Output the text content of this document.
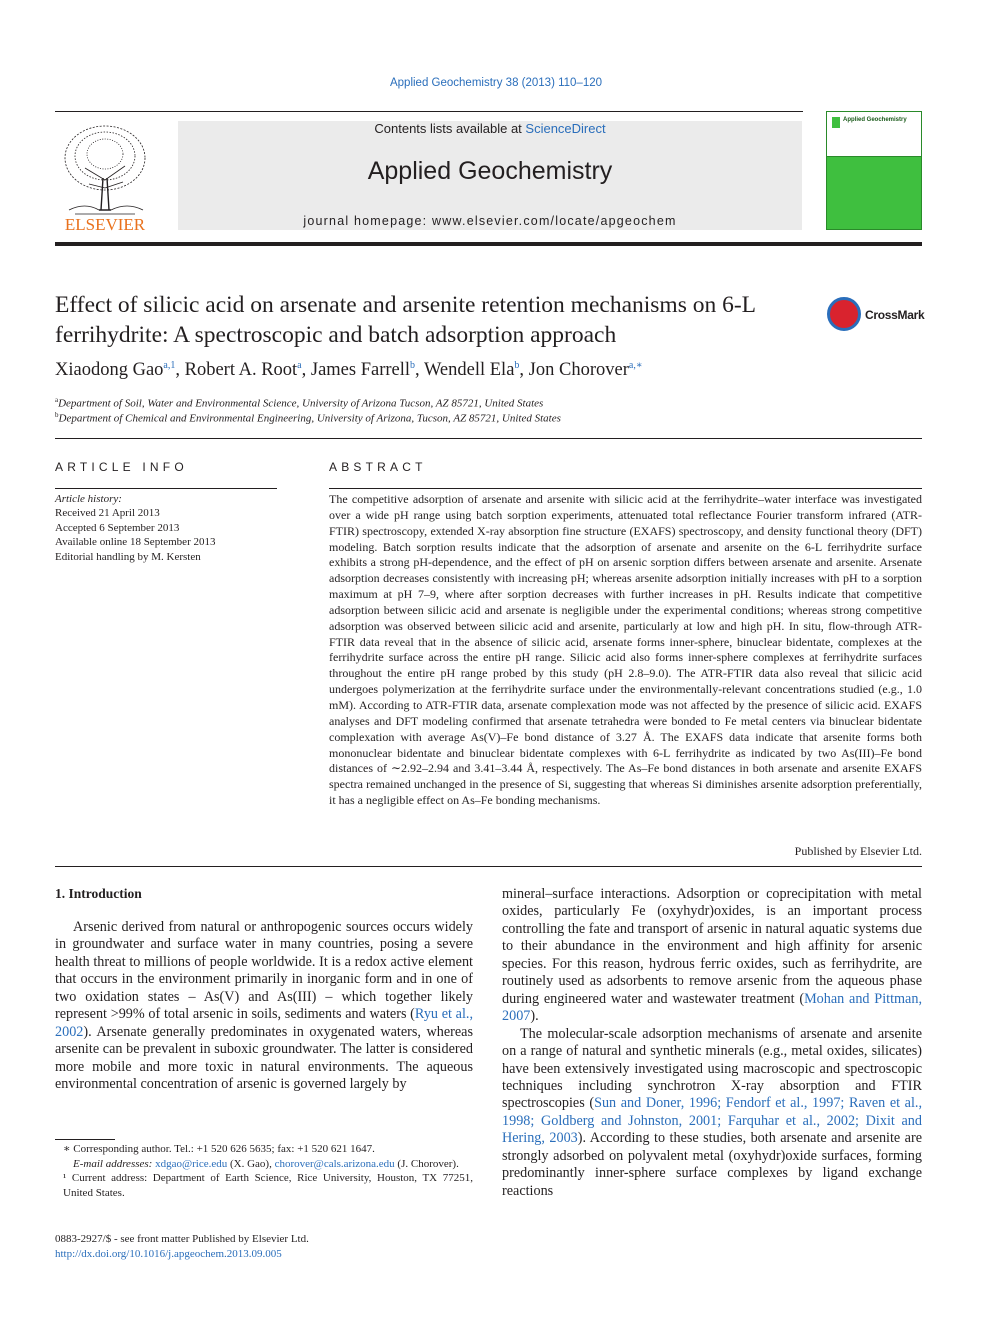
Applied Geochemistry 38 (2013) 110–120
ELSEVIER
Contents lists available at ScienceDirect
Applied Geochemistry
journal homepage: www.elsevier.com/locate/apgeochem
Applied Geochemistry
Effect of silicic acid on arsenate and arsenite retention mechanisms on 6-L ferrihydrite: A spectroscopic and batch adsorption approach
CrossMark
Xiaodong Gao$^{a,1}$, Robert A. Root$^a$, James Farrell$^b$, Wendell Ela$^b$, Jon Chorover$^{a,∗}$
$^a$Department of Soil, Water and Environmental Science, University of Arizona Tucson, AZ 85721, United States
$^b$Department of Chemical and Environmental Engineering, University of Arizona, Tucson, AZ 85721, United States
ARTICLE INFO
Article history:
Received 21 April 2013
Accepted 6 September 2013
Available online 18 September 2013
Editorial handling by M. Kersten
ABSTRACT
The competitive adsorption of arsenate and arsenite with silicic acid at the ferrihydrite–water interface was investigated over a wide pH range using batch sorption experiments, attenuated total reflectance Fourier transform infrared (ATR-FTIR) spectroscopy, extended X-ray absorption fine structure (EXAFS) spectroscopy, and density functional theory (DFT) modeling. Batch sorption results indicate that the adsorption of arsenate and arsenite on the 6-L ferrihydrite surface exhibits a strong pH-dependence, and the effect of pH on arsenic sorption differs between arsenate and arsenite. Arsenate adsorption decreases consistently with increasing pH; whereas arsenite adsorption initially increases with pH to a sorption maximum at pH 7–9, where after sorption decreases with further increases in pH. Results indicate that competitive adsorption between silicic acid and arsenate is negligible under the experimental conditions; whereas strong competitive adsorption was observed between silicic acid and arsenite, particularly at low and high pH. In situ, flow-through ATR-FTIR data reveal that in the absence of silicic acid, arsenate forms inner-sphere, binuclear bidentate, complexes at the ferrihydrite surface across the entire pH range. Silicic acid also forms inner-sphere complexes at ferrihydrite surfaces throughout the entire pH range probed by this study (pH 2.8–9.0). The ATR-FTIR data also reveal that silicic acid undergoes polymerization at the ferrihydrite surface under the environmentally-relevant concentrations studied (e.g., 1.0 mM). According to ATR-FTIR data, arsenate complexation mode was not affected by the presence of silicic acid. EXAFS analyses and DFT modeling confirmed that arsenate tetrahedra were bonded to Fe metal centers via binuclear bidentate complexation with average As(V)–Fe bond distance of 3.27 Å. The EXAFS data indicate that arsenite forms both mononuclear bidentate and binuclear bidentate complexes with 6-L ferrihydrite as indicated by two As(III)–Fe bond distances of ∼2.92–2.94 and 3.41–3.44 Å, respectively. The As–Fe bond distances in both arsenate and arsenite EXAFS spectra remained unchanged in the presence of Si, suggesting that whereas Si diminishes arsenite adsorption preferentially, it has a negligible effect on As–Fe bonding mechanisms.
Published by Elsevier Ltd.
1. Introduction

Arsenic derived from natural or anthropogenic sources occurs widely in groundwater and surface water in many countries, posing a severe health threat to millions of people worldwide. It is a redox active element that occurs in the environment primarily in inorganic form and in one of two oxidation states – As(V) and As(III) – which together likely represent >99% of total arsenic in soils, sediments and waters (Ryu et al., 2002). Arsenate generally predominates in oxygenated waters, whereas arsenite can be prevalent in suboxic groundwater. The latter is considered more mobile and more toxic in natural environments. The aqueous environmental concentration of arsenic is governed largely by

mineral–surface interactions. Adsorption or coprecipitation with metal oxides, particularly Fe (oxyhydr)oxides, is an important process controlling the fate and transport of arsenic in natural aquatic systems due to their abundance in the environment and high affinity for arsenic species. For this reason, hydrous ferric oxides, such as ferrihydrite, are routinely used as adsorbents to remove arsenic from the aqueous phase during engineered water and wastewater treatment (Mohan and Pittman, 2007).

The molecular-scale adsorption mechanisms of arsenate and arsenite on a range of natural and synthetic minerals (e.g., metal oxides, silicates) have been extensively investigated using macroscopic and spectroscopic techniques including synchrotron X-ray absorption and FTIR spectroscopies (Sun and Doner, 1996; Fendorf et al., 1997; Raven et al., 1998; Goldberg and Johnston, 2001; Farquhar et al., 2002; Dixit and Hering, 2003). According to these studies, both arsenate and arsenite are strongly adsorbed on polyvalent metal (oxyhydr)oxide surfaces, forming predominantly inner-sphere surface complexes by ligand exchange reactions

∗ Corresponding author. Tel.: +1 520 626 5635; fax: +1 520 621 1647.

E-mail addresses: xdgao@rice.edu (X. Gao), chorover@cals.arizona.edu (J. Chorover).

¹ Current address: Department of Earth Science, Rice University, Houston, TX 77251, United States.

0883-2927/$ - see front matter Published by Elsevier Ltd.
http://dx.doi.org/10.1016/j.apgeochem.2013.09.005
